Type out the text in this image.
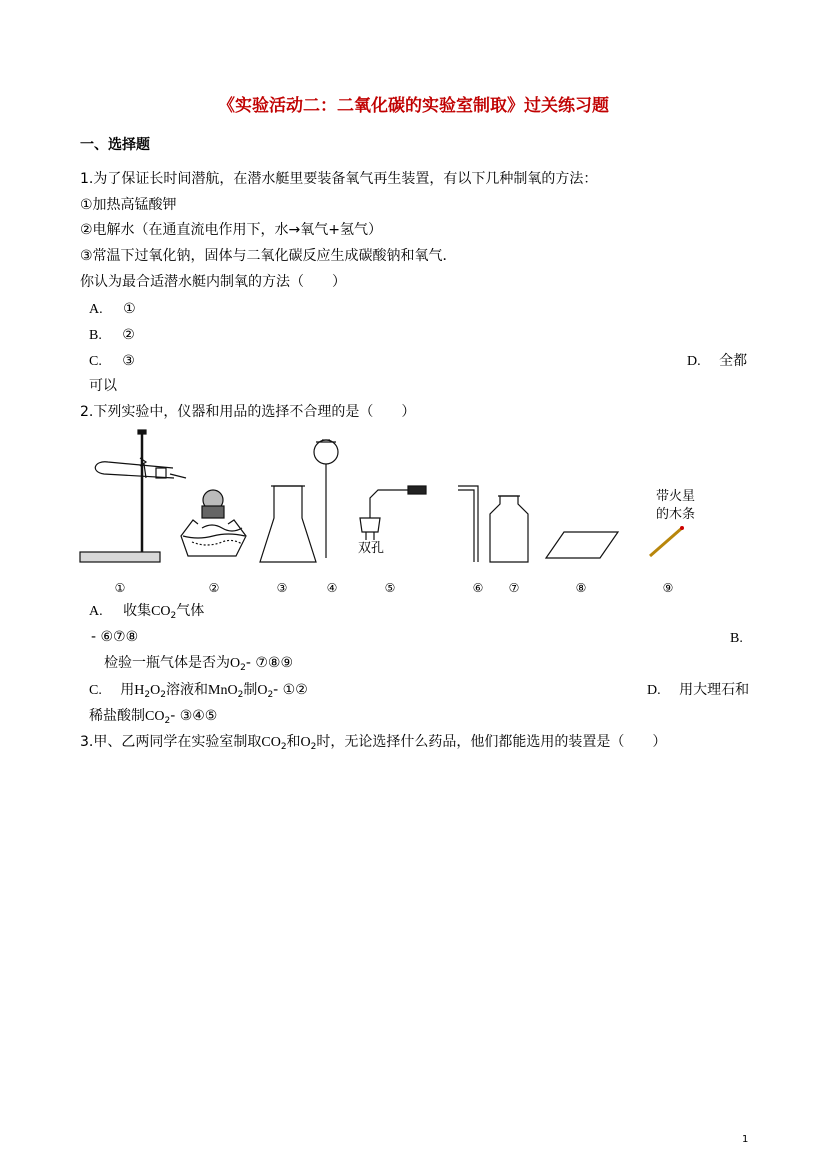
《实验活动二：二氧化碳的实验室制取》过关练习题
一、选择题
1.为了保证长时间潜航，在潜水艇里要装备氧气再生装置，有以下几种制氧的方法：
①加热高锰酸钾
②电解水（在通直流电作用下，水→氧气+氢气）
③常温下过氧化钠，固体与二氧化碳反应生成碳酸钠和氧气．
你认为最合适潜水艇内制氧的方法（　　）
A. ①
B. ②
C. ③	D. 全都
可以
2.下列实验中，仪器和用品的选择不合理的是（　　）
双孔
带火星
的木条
①	②	③	④	⑤	⑥ ⑦	⑧	⑨
A. 收集$CO_2$气体
- ⑥⑦⑧	B.
检验一瓶气体是否为$O_2-$ ⑦⑧⑨
C. 用$H_2O_2$溶液和MnO$_2$制$O_2-$ ①②	D. 用大理石和
稀盐酸制$CO_2-$ ③④⑤
3.甲、乙两同学在实验室制取$CO_2$和$O_2$时，无论选择什么药品，他们都能选用的装置是（　　）
1
